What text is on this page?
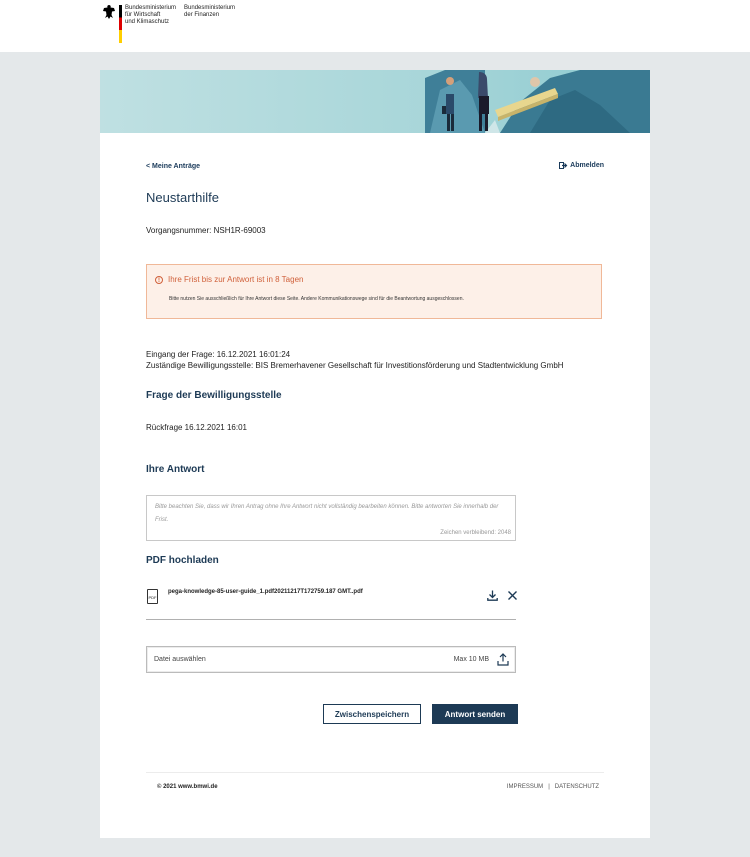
Bundesministerium
für Wirtschaft
und Klimaschutz
Bundesministerium
der Finanzen
< Meine Anträge	Abmelden
Neustarthilfe
Vorgangsnummer: NSH1R-69003
!	Ihre Frist bis zur Antwort ist in 8 Tagen
Bitte nutzen Sie ausschließlich für Ihre Antwort diese Seite. Andere Kommunikationswege sind für die Beantwortung ausgeschlossen.
Eingang der Frage: 16.12.2021 16:01:24
Zuständige Bewilligungsstelle: BIS Bremerhavener Gesellschaft für Investitionsförderung und Stadtentwicklung GmbH
Frage der Bewilligungsstelle
Rückfrage 16.12.2021 16:01
Ihre Antwort
Bitte beachten Sie, dass wir Ihren Antrag ohne Ihre Antwort nicht vollständig bearbeiten können. Bitte antworten Sie innerhalb der Frist.
Zeichen verbleibend: 2048
PDF hochladen
PDF
pega-knowledge-85-user-guide_1.pdf20211217T172759.187 GMT..pdf
Datei auswählen	Max 10 MB
Zwischenspeichern	Antwort senden
© 2021 www.bmwi.de	IMPRESSUM | DATENSCHUTZ
